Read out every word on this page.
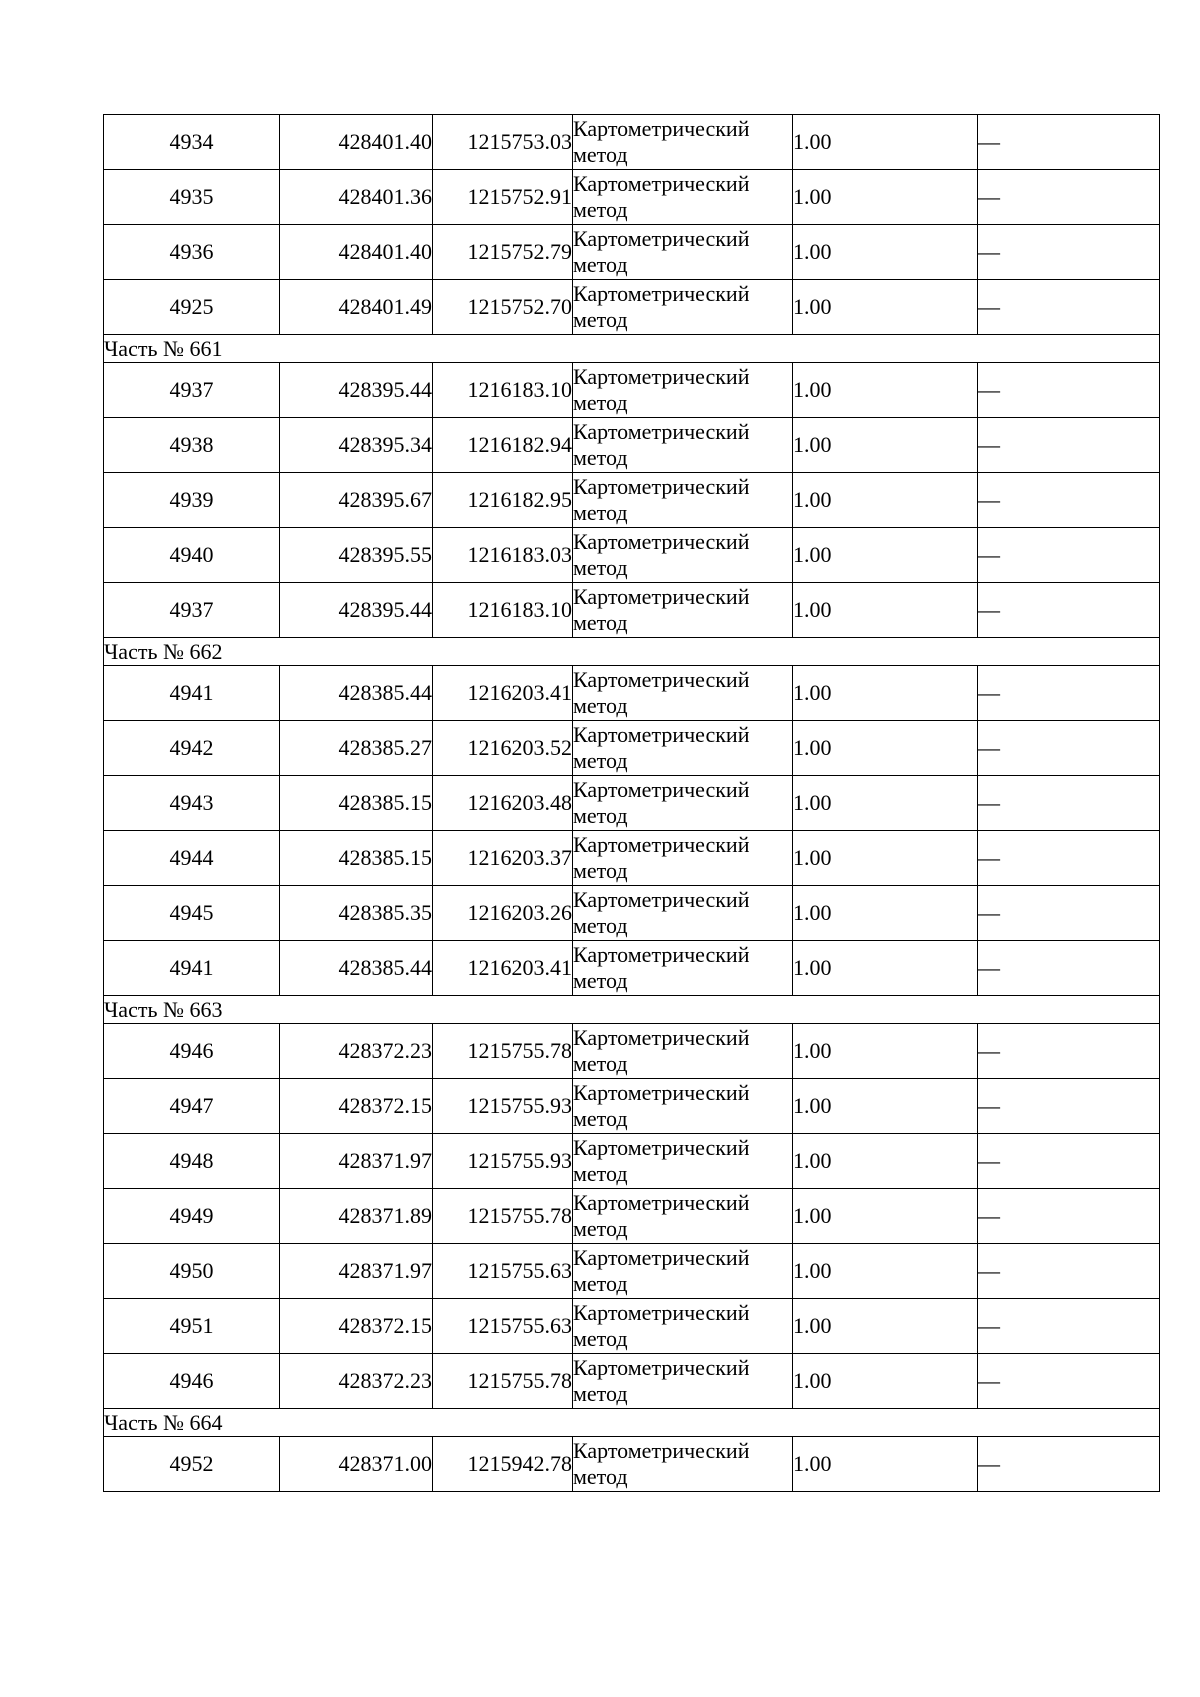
4934	428401.40	1215753.03	Картометрический
метод	1.00	—
4935	428401.36	1215752.91	Картометрический
метод	1.00	—
4936	428401.40	1215752.79	Картометрический
метод	1.00	—
4925	428401.49	1215752.70	Картометрический
метод	1.00	—
Часть № 661					
4937	428395.44	1216183.10	Картометрический
метод	1.00	—
4938	428395.34	1216182.94	Картометрический
метод	1.00	—
4939	428395.67	1216182.95	Картометрический
метод	1.00	—
4940	428395.55	1216183.03	Картометрический
метод	1.00	—
4937	428395.44	1216183.10	Картометрический
метод	1.00	—
Часть № 662					
4941	428385.44	1216203.41	Картометрический
метод	1.00	—
4942	428385.27	1216203.52	Картометрический
метод	1.00	—
4943	428385.15	1216203.48	Картометрический
метод	1.00	—
4944	428385.15	1216203.37	Картометрический
метод	1.00	—
4945	428385.35	1216203.26	Картометрический
метод	1.00	—
4941	428385.44	1216203.41	Картометрический
метод	1.00	—
Часть № 663					
4946	428372.23	1215755.78	Картометрический
метод	1.00	—
4947	428372.15	1215755.93	Картометрический
метод	1.00	—
4948	428371.97	1215755.93	Картометрический
метод	1.00	—
4949	428371.89	1215755.78	Картометрический
метод	1.00	—
4950	428371.97	1215755.63	Картометрический
метод	1.00	—
4951	428372.15	1215755.63	Картометрический
метод	1.00	—
4946	428372.23	1215755.78	Картометрический
метод	1.00	—
Часть № 664					
4952	428371.00	1215942.78	Картометрический
метод	1.00	—
